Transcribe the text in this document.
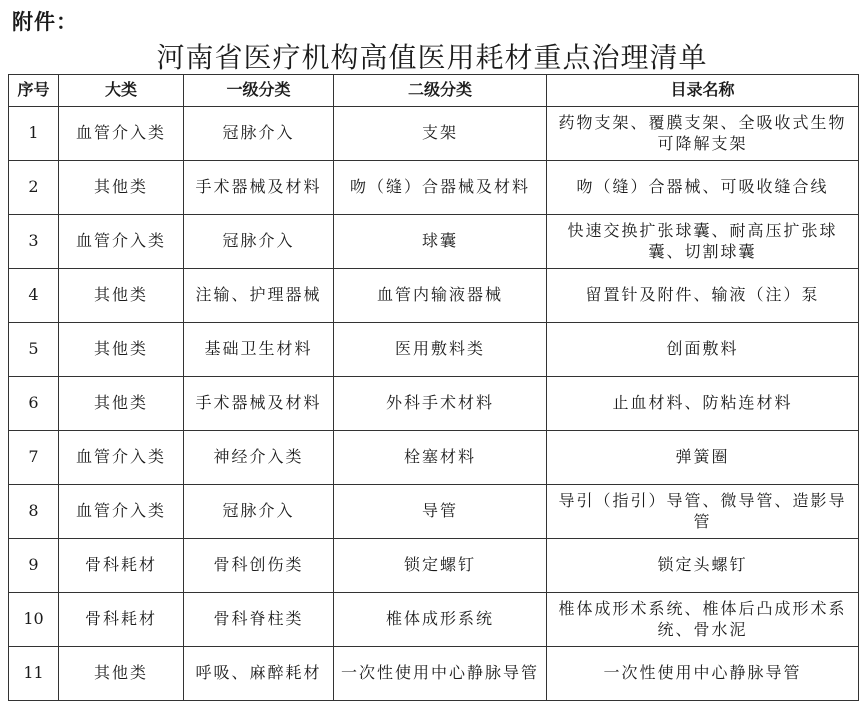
附件：
河南省医疗机构高值医用耗材重点治理清单
序号	大类	一级分类	二级分类	目录名称
1	血管介入类	冠脉介入	支架	药物支架、覆膜支架、全吸收式生物可降解支架
2	其他类	手术器械及材料	吻（缝）合器械及材料	吻（缝）合器械、可吸收缝合线
3	血管介入类	冠脉介入	球囊	快速交换扩张球囊、耐高压扩张球囊、切割球囊
4	其他类	注输、护理器械	血管内输液器械	留置针及附件、输液（注）泵
5	其他类	基础卫生材料	医用敷料类	创面敷料
6	其他类	手术器械及材料	外科手术材料	止血材料、防粘连材料
7	血管介入类	神经介入类	栓塞材料	弹簧圈
8	血管介入类	冠脉介入	导管	导引（指引）导管、微导管、造影导管
9	骨科耗材	骨科创伤类	锁定螺钉	锁定头螺钉
10	骨科耗材	骨科脊柱类	椎体成形系统	椎体成形术系统、椎体后凸成形术系统、骨水泥
11	其他类	呼吸、麻醉耗材	一次性使用中心静脉导管	一次性使用中心静脉导管
